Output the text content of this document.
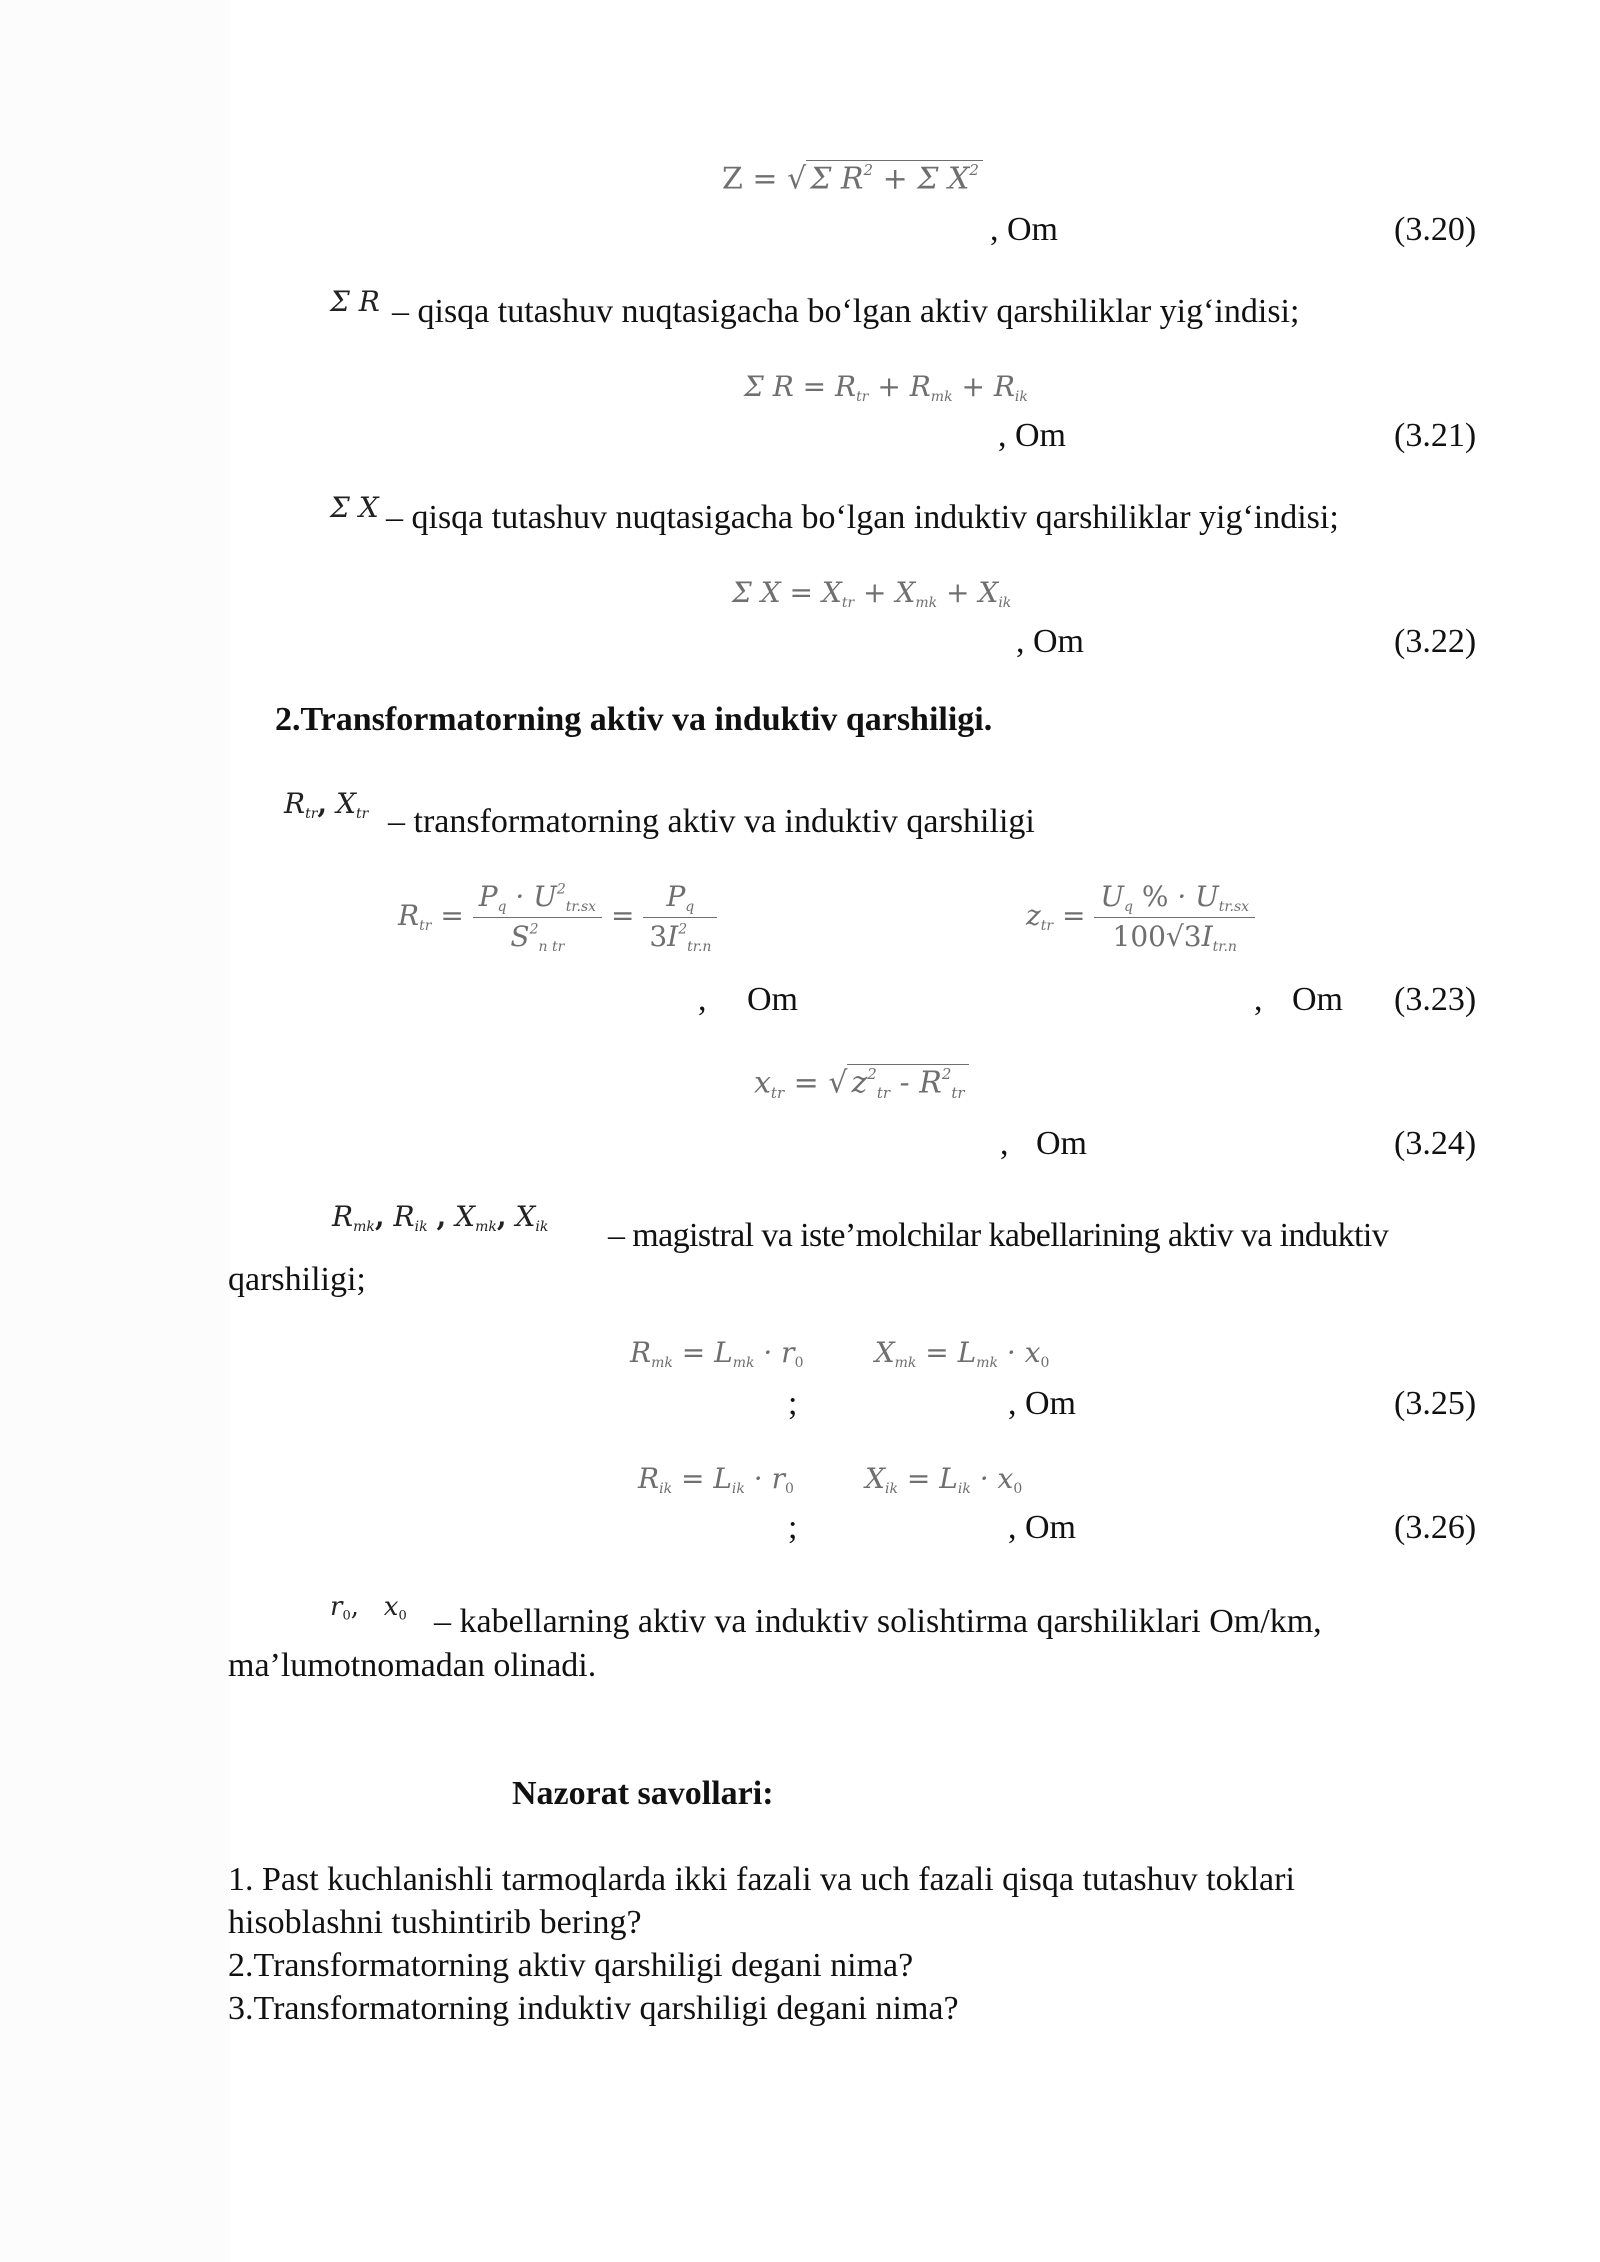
Z = √ Σ $R^2 + \Sigma$ $X^2$
, Om	(3.20)
Σ R – qisqa tutashuv nuqtasigacha bo‘lgan aktiv qarshiliklar yig‘indisi;
Σ $R = R_{tr} + R_{mk} + R_{ik}$
, Om	(3.21)
Σ X – qisqa tutashuv nuqtasigacha bo‘lgan induktiv qarshiliklar yig‘indisi;
Σ $X = X_{tr} + X_{mk} + X_{ik}$
, Om	(3.22)
2.Transformatorning aktiv va induktiv qarshiligi.
$R_{tr}$, $X_{tr}$ – transformatorning aktiv va induktiv qarshiligi
$R_{tr} = \frac{P_q \cdot U^2_{tr.sx}}{S^2_{n tr}} = \frac{P_q}{3I^2_{tr.n}}$	$z_{tr} = \frac{U_q \% \cdot U_{tr.sx}}{100√3I_{tr.n}}$
, Om	, Om (3.23)
$x_{tr}$ = √ $z^2_{tr} - R^2_{tr}$
, Om	(3.24)
$R_{mk}$, $R_{ik}$ , $X_{mk}$, $X_{ik}$ – magistral va iste’molchilar kabellarining aktiv va induktiv
qarshiligi;
$R_{mk} = L_{mk} \cdot r_0$        $X_{mk} = L_{mk} \cdot x_0$
;	, Om	(3.25)
$R_{ik} = L_{ik} \cdot r_0$        $X_{ik} = L_{ik} \cdot x_0$
;	, Om	(3.26)
$r_0$,   $x_0$ – kabellarning aktiv va induktiv solishtirma qarshiliklari Om/km,
ma’lumotnomadan olinadi.
Nazorat savollari:
1. Past kuchlanishli tarmoqlarda ikki fazali va uch fazali qisqa tutashuv toklari
hisoblashni tushintirib bering?
2.Transformatorning aktiv qarshiligi degani nima?
3.Transformatorning induktiv qarshiligi degani nima?
